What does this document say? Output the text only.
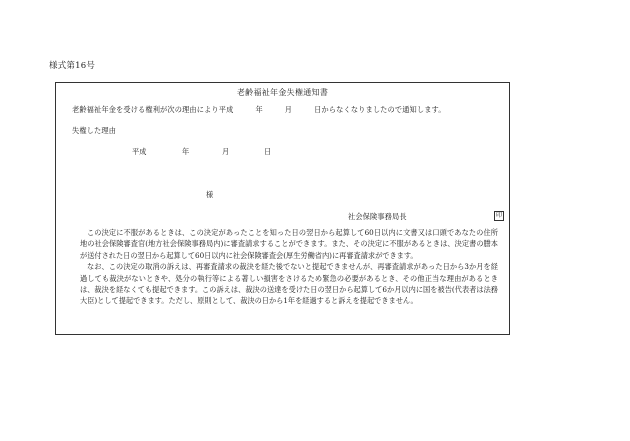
様式第16号
老齢福祉年金失権通知書
老齢福祉年金を受ける権利が次の理由により平成　　　年　　　月　　　日からなくなりましたので通知します。
失権した理由
平成	年	月	日
様
社会保険事務局長	印

この決定に不服があるときは、この決定があったことを知った日の翌日から起算して60日以内に文書又は口頭であなたの住所地の社会保険審査官(地方社会保険事務局内)に審査請求することができます。また、その決定に不服があるときは、決定書の謄本が送付された日の翌日から起算して60日以内に社会保険審査会(厚生労働省内)に再審査請求ができます。

なお、この決定の取消の訴えは、再審査請求の裁決を経た後でないと提起できませんが、再審査請求があった日から3か月を経過しても裁決がないときや、処分の執行等による著しい損害をさけるため緊急の必要があるとき、その他正当な理由があるときは、裁決を経なくても提起できます。この訴えは、裁決の送達を受けた日の翌日から起算して6か月以内に国を被告(代表者は法務大臣)として提起できます。ただし、原則として、裁決の日から1年を経過すると訴えを提起できません。
